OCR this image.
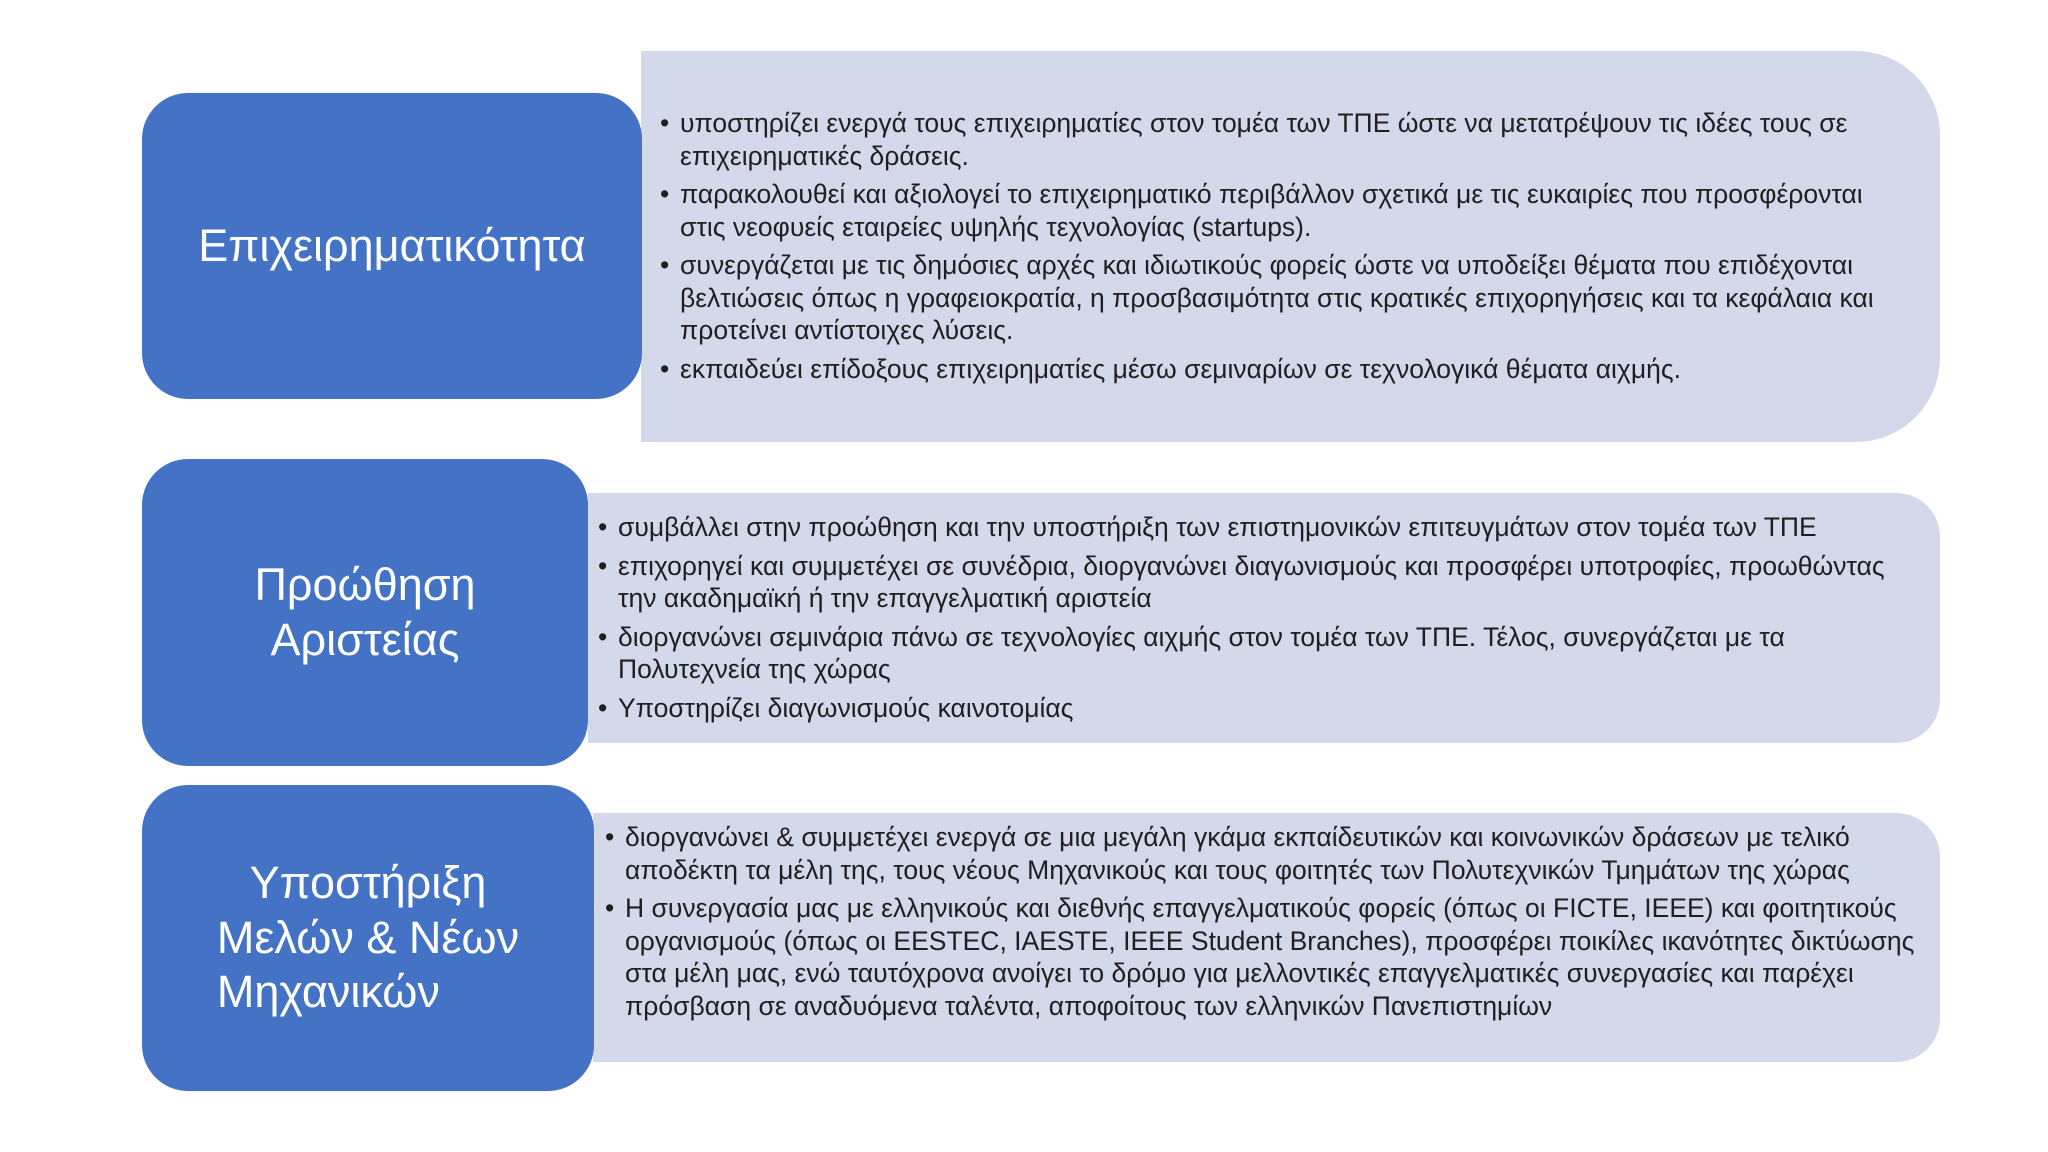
• υποστηρίζει ενεργά τους επιχειρηματίες στον τομέα των ΤΠΕ ώστε να μετατρέψουν τις ιδέες τους σε επιχειρηματικές δράσεις.
• παρακολουθεί και αξιολογεί το επιχειρηματικό περιβάλλον σχετικά με τις ευκαιρίες που προσφέρονται στις νεοφυείς εταιρείες υψηλής τεχνολογίας (startups).
• συνεργάζεται με τις δημόσιες αρχές και ιδιωτικούς φορείς ώστε να υποδείξει θέματα που επιδέχονται βελτιώσεις όπως η γραφειοκρατία, η προσβασιμότητα στις κρατικές επιχορηγήσεις και τα κεφάλαια και προτείνει αντίστοιχες λύσεις.
• εκπαιδεύει επίδοξους επιχειρηματίες μέσω σεμιναρίων σε τεχνολογικά θέματα αιχμής.
Επιχειρηματικότητα
• συμβάλλει στην προώθηση και την υποστήριξη των επιστημονικών επιτευγμάτων στον τομέα των ΤΠΕ
• επιχορηγεί και συμμετέχει σε συνέδρια, διοργανώνει διαγωνισμούς και προσφέρει υποτροφίες, προωθώντας την ακαδημαϊκή ή την επαγγελματική αριστεία
• διοργανώνει σεμινάρια πάνω σε τεχνολογίες αιχμής στον τομέα των ΤΠΕ. Τέλος, συνεργάζεται με τα Πολυτεχνεία της χώρας
• Υποστηρίζει διαγωνισμούς καινοτομίας
Προώθηση
Αριστείας
• διοργανώνει & συμμετέχει ενεργά σε μια μεγάλη γκάμα εκπαίδευτικών και κοινωνικών δράσεων με τελικό αποδέκτη τα μέλη της, τους νέους Μηχανικούς και τους φοιτητές των Πολυτεχνικών Τμημάτων της χώρας
• Η συνεργασία μας με ελληνικούς και διεθνής επαγγελματικούς φορείς (όπως οι FICTE, IEEE) και φοιτητικούς οργανισμούς (όπως οι EESTEC, IAESTE, IEEE Student Branches), προσφέρει ποικίλες ικανότητες δικτύωσης στα μέλη μας, ενώ ταυτόχρονα ανοίγει το δρόμο για μελλοντικές επαγγελματικές συνεργασίες και παρέχει πρόσβαση σε αναδυόμενα ταλέντα, αποφοίτους των ελληνικών Πανεπιστημίων
Υποστήριξη
Μελών & Νέων
Μηχανικών
